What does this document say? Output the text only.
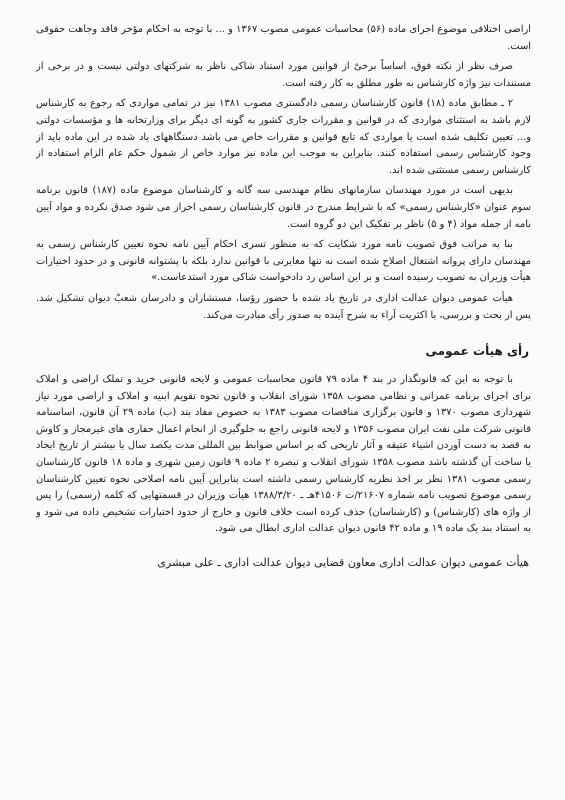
اراضی اختلافی موضوع اجرای ماده (۵۶) محاسبات عمومی مصوب ۱۳۶۷ و ... با توجه به احکام مؤخر فاقد وجاهت حقوقی است.

صرف نظر از نکته فوق، اساساً برخیْ از قوانین مورد استناد شاکی ناظر به شرکتهای دولتی نیست و در برخی از مستندات نیز واژه کارشناس به طور مطلق به کار رفته است.

۲ ـ مطابق ماده (۱۸) قانون کارشناسان رسمی دادگستری مصوب ۱۳۸۱ نیز در تمامی مواردی که رجوع به کارشناس لازم باشد به استثنای مواردی که در قوانین و مقررات جاری کشور به گونه ای دیگر برای وزارتخانه ها و مؤسسات دولتی و... تعیین تکلیف شده است یا مواردی که تابع قوانین و مقررات خاص می باشد دستگاههای یاد شده در این ماده باید از وجود کارشناس رسمی استفاده کنند. بنابراین به موجب این ماده نیز موارد خاص از شمول حکم عام الزام استفاده از کارشناس رسمی مستثنی شده اند.

بدیهی است در مورد مهندسان سازمانهای نظام مهندسی سه گانه و کارشناسان موضوع ماده (۱۸۷) قانون برنامه سوم عنوان «کارشناس رسمی» که با شرایط مندرج در قانون کارشناسان رسمی احراز می شود صدق نکرده و مواد آیین نامه از جمله مواد (۴ و ۵) ناظر بر تفکیک این دو گروه است.

بنا به مراتب فوق تصویب نامه مورد شکایت که به منظور تسری احکام آیین نامه نحوه تعیین کارشناس رسمی به مهندسان دارای پروانه اشتغال اصلاح شده است نه تنها مغایرتی با قوانین ندارد بلکه با پشتوانه قانونی و در حدود اختیارات هیأت وزیران به تصویب رسیده است و بر این اساس رد دادخواست شاکی مورد استدعاست.»

هیأت عمومی دیوان عدالت اداری در تاریخ یاد شده با حضور رؤسا، مستشاران و دادرسان شعبْ دیوان تشکیل شد. پس از بحث و بررسی، با اکثریت آراء به شرح آینده به صدور رأی مبادرت می‌کند.

رأی هیأت عمومی

با توجه به این که قانونگذار در بند ۴ ماده ۷۹ قانون محاسبات عمومی و لایحه قانونی خرید و تملک اراضی و املاک برای اجرای برنامه عمرانی و نظامی مصوب ۱۳۵۸ شورای انقلاب و قانون نحوه تقویم ابنیه و املاک و اراضی مورد نیاز شهرداری مصوب ۱۳۷۰ و قانون برگزاری مناقصات مصوب ۱۳۸۳ به خصوص مفاد بند (ب) ماده ۲۹ آن قانون، اساسنامه قانونی شرکت ملی نفت ایران مصوب ۱۳۵۶ و لایحه قانونی راجع به جلوگیری از انجام اعمال حفاری های غیرمجاز و کاوش به قصد به دست آوردن اشیاء عتیقه و آثار تاریخی که بر اساس ضوابط بین المللی مدت یکصد سال یا بیشتر از تاریخ ایجاد یا ساخت آن گذشته باشد مصوب ۱۳۵۸ شورای انقلاب و تبصره ۲ ماده ۹ قانون زمین شهری و ماده ۱۸ قانون کارشناسان رسمی مصوب ۱۳۸۱ نظر بر اخذ نظریه کارشناس رسمی داشته است بنابراین آیین نامه اصلاحی نحوه تعیین کارشناسان رسمی موضوع تصویب نامه شماره ۲۱۶۰۷/ت ۴۱۵۰۶هـ ـ ۱۳۸۸/۳/۲۰ هیأت وزیران در قسمتهایی که کلمه (رسمی) را پس از واژه های (کارشناس) و (کارشناسان) حذف کرده است خلاف قانون و خارج از حدود اختیارات تشخیص داده می شود و به استناد بند یک ماده ۱۹ و ماده ۴۲ قانون دیوان عدالت اداری ابطال می شود.

هیأت عمومی دیوان عدالت اداری معاون قضایی دیوان عدالت اداری ـ علی مبشری
